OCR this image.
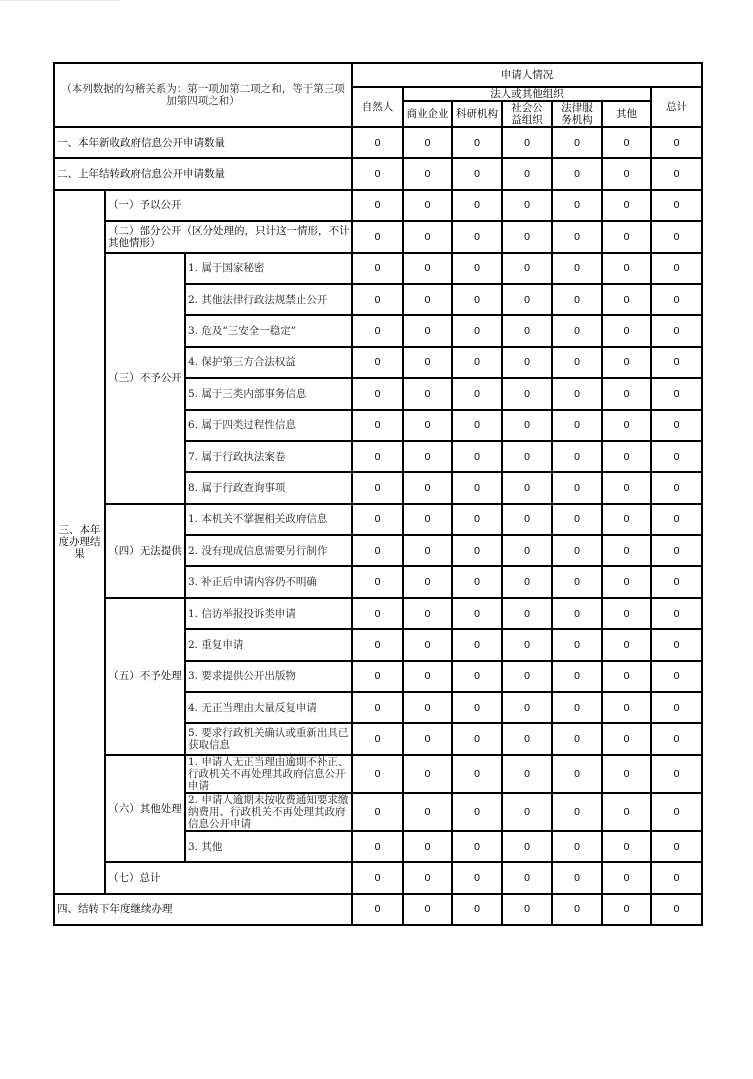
（本列数据的勾稽关系为：第一项加第二项之和，等于第三项加第四项之和）			申请人情况						
			自然人	法人或其他组织					总计
				商业企业	科研机构	社会公益组织	法律服务机构	其他	
一、本年新收政府信息公开申请数量			0	0	0	0	0	0	0
二、上年结转政府信息公开申请数量			0	0	0	0	0	0	0
三、本年度办理结果	（一）予以公开		0	0	0	0	0	0	0
	（二）部分公开（区分处理的，只计这一情形，不计其他情形）		0	0	0	0	0	0	0
	（三）不予公开	1. 属于国家秘密	0	0	0	0	0	0	0
		2. 其他法律行政法规禁止公开	0	0	0	0	0	0	0
		3. 危及“三安全一稳定”	0	0	0	0	0	0	0
		4. 保护第三方合法权益	0	0	0	0	0	0	0
		5. 属于三类内部事务信息	0	0	0	0	0	0	0
		6. 属于四类过程性信息	0	0	0	0	0	0	0
		7. 属于行政执法案卷	0	0	0	0	0	0	0
		8. 属于行政查询事项	0	0	0	0	0	0	0
	（四）无法提供	1. 本机关不掌握相关政府信息	0	0	0	0	0	0	0
		2. 没有现成信息需要另行制作	0	0	0	0	0	0	0
		3. 补正后申请内容仍不明确	0	0	0	0	0	0	0
	（五）不予处理	1. 信访举报投诉类申请	0	0	0	0	0	0	0
		2. 重复申请	0	0	0	0	0	0	0
		3. 要求提供公开出版物	0	0	0	0	0	0	0
		4. 无正当理由大量反复申请	0	0	0	0	0	0	0
		5. 要求行政机关确认或重新出具已获取信息	0	0	0	0	0	0	0
	（六）其他处理	1. 申请人无正当理由逾期不补正、行政机关不再处理其政府信息公开申请	0	0	0	0	0	0	0
		2. 申请人逾期未按收费通知要求缴纳费用、行政机关不再处理其政府信息公开申请	0	0	0	0	0	0	0
		3. 其他	0	0	0	0	0	0	0
	（七）总计		0	0	0	0	0	0	0
四、结转下年度继续办理			0	0	0	0	0	0	0
